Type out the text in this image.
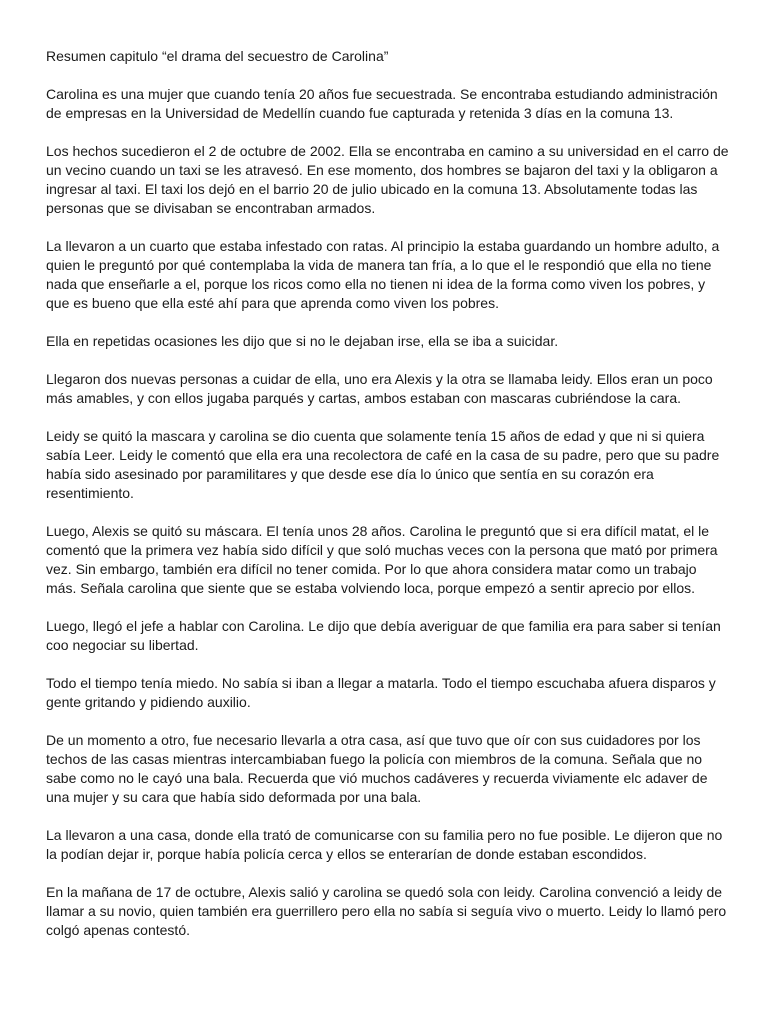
Resumen capitulo “el drama del secuestro de Carolina”

Carolina es una mujer que cuando tenía 20 años fue secuestrada. Se encontraba estudiando administración de empresas en la Universidad de Medellín cuando fue capturada y retenida 3 días en la comuna 13.

Los hechos sucedieron el 2 de octubre de 2002. Ella se encontraba en camino a su universidad en el carro de un vecino cuando un taxi se les atravesó. En ese momento, dos hombres se bajaron del taxi y la obligaron a ingresar al taxi. El taxi los dejó en el barrio 20 de julio ubicado en la comuna 13. Absolutamente todas las personas que se divisaban se encontraban armados.

La llevaron a un cuarto que estaba infestado con ratas. Al principio la estaba guardando un hombre adulto, a quien le preguntó por qué contemplaba la vida de manera tan fría, a lo que el le respondió que ella no tiene nada que enseñarle a el, porque los ricos como ella no tienen ni idea de la forma como viven los pobres, y que es bueno que ella esté ahí para que aprenda como viven los pobres.

Ella en repetidas ocasiones les dijo que si no le dejaban irse, ella se iba a suicidar.

Llegaron dos nuevas personas a cuidar de ella, uno era Alexis y la otra se llamaba leidy. Ellos eran un poco más amables, y con ellos jugaba parqués y cartas, ambos estaban con mascaras cubriéndose la cara.

Leidy se quitó la mascara y carolina se dio cuenta que solamente tenía 15 años de edad y que ni si quiera sabía Leer. Leidy le comentó que ella era una recolectora de café en la casa de su padre, pero que su padre había sido asesinado por paramilitares y que desde ese día lo único que sentía en su corazón era resentimiento.

Luego, Alexis se quitó su máscara. El tenía unos 28 años. Carolina le preguntó que si era difícil matat, el le comentó que la primera vez había sido difícil y que soló muchas veces con la persona que mató por primera vez. Sin embargo, también era difícil no tener comida. Por lo que ahora considera matar como un trabajo más. Señala carolina que siente que se estaba volviendo loca, porque empezó a sentir aprecio por ellos.

Luego, llegó el jefe a hablar con Carolina. Le dijo que debía averiguar de que familia era para saber si tenían coo negociar su libertad.

Todo el tiempo tenía miedo. No sabía si iban a llegar a matarla. Todo el tiempo escuchaba afuera disparos y gente gritando y pidiendo auxilio.

De un momento a otro, fue necesario llevarla a otra casa, así que tuvo que oír con sus cuidadores por los techos de las casas mientras intercambiaban fuego la policía con miembros de la comuna. Señala que no sabe como no le cayó una bala. Recuerda que vió muchos cadáveres y recuerda viviamente elc adaver de una mujer y su cara que había sido deformada por una bala.

La llevaron a una casa, donde ella trató de comunicarse con su familia pero no fue posible. Le dijeron que no la podían dejar ir, porque había policía cerca y ellos se enterarían de donde estaban escondidos.

En la mañana de 17 de octubre, Alexis salió y carolina se quedó sola con leidy. Carolina convenció a leidy de llamar a su novio, quien también era guerrillero pero ella no sabía si seguía vivo o muerto. Leidy lo llamó pero colgó apenas contestó.
